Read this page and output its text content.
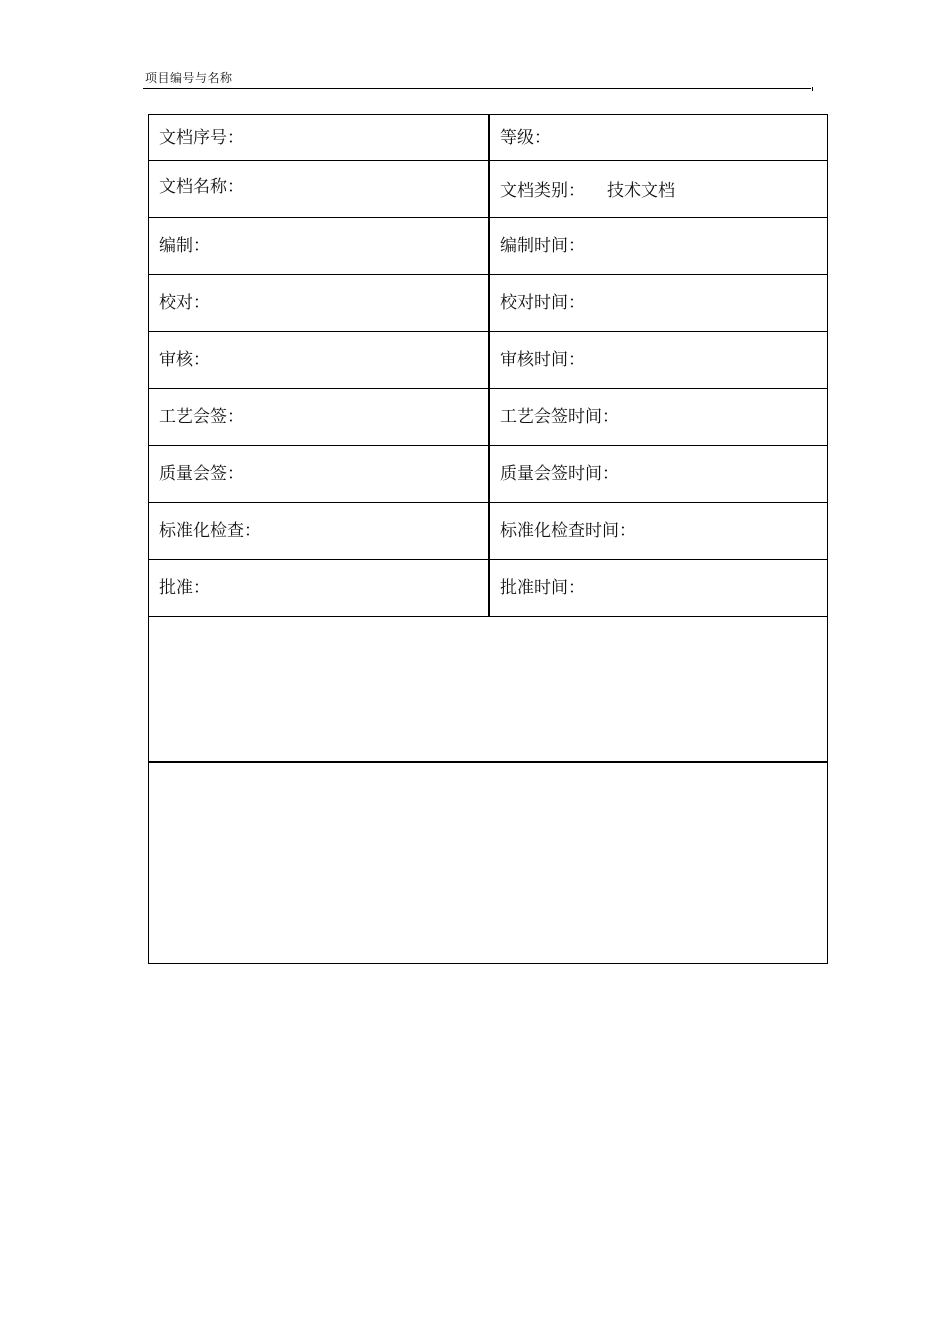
项目编号与名称
文档序号：	等级：
文档名称：	文档类别： 技术文档
编制：	编制时间：
校对：	校对时间：
审核：	审核时间：
工艺会签：	工艺会签时间：
质量会签：	质量会签时间：
标准化检查：	标准化检查时间：
批准：	批准时间：
